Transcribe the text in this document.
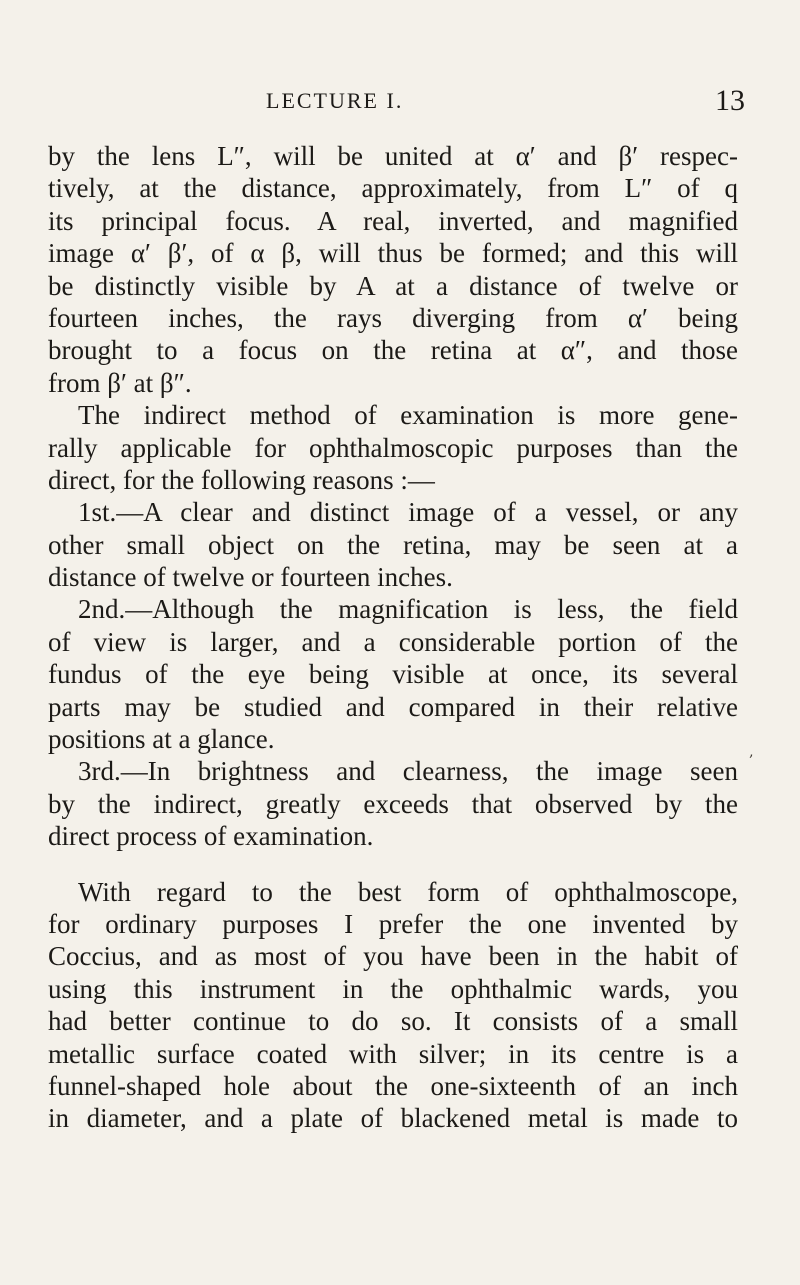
LECTURE I.	13
by the lens L″, will be united at α′ and β′ respec-
tively, at the distance, approximately, from L″ of q
its principal focus. A real, inverted, and magnified
image α′ β′, of α β, will thus be formed; and this will
be distinctly visible by A at a distance of twelve or
fourteen inches, the rays diverging from α′ being
brought to a focus on the retina at α″, and those
from β′ at β″.
The indirect method of examination is more gene-
rally applicable for ophthalmoscopic purposes than the
direct, for the following reasons :—
1st.—A clear and distinct image of a vessel, or any
other small object on the retina, may be seen at a
distance of twelve or fourteen inches.
2nd.—Although the magnification is less, the field
of view is larger, and a considerable portion of the
fundus of the eye being visible at once, its several
parts may be studied and compared in their relative
positions at a glance.
3rd.—In brightness and clearness, the image seen
by the indirect, greatly exceeds that observed by the
direct process of examination.
With regard to the best form of ophthalmoscope,
for ordinary purposes I prefer the one invented by
Coccius, and as most of you have been in the habit of
using this instrument in the ophthalmic wards, you
had better continue to do so. It consists of a small
metallic surface coated with silver; in its centre is a
funnel-shaped hole about the one-sixteenth of an inch
in diameter, and a plate of blackened metal is made to
‚
